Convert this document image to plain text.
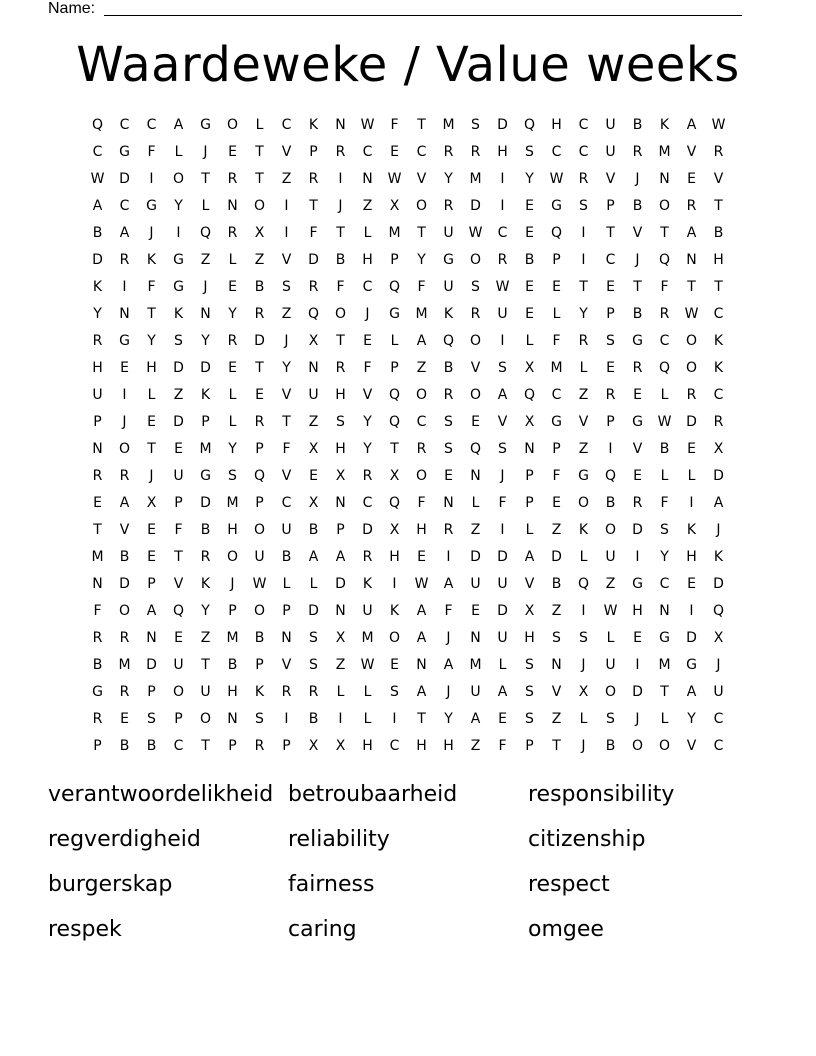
Name:
Waardeweke / Value weeks
Q	C	C	A	G	O	L	C	K	N	W	F	T	M	S	D	Q	H	C	U	B	K	A	W
C	G	F	L	J	E	T	V	P	R	C	E	C	R	R	H	S	C	C	U	R	M	V	R
W	D	I	O	T	R	T	Z	R	I	N	W	V	Y	M	I	Y	W	R	V	J	N	E	V
A	C	G	Y	L	N	O	I	T	J	Z	X	O	R	D	I	E	G	S	P	B	O	R	T
B	A	J	I	Q	R	X	I	F	T	L	M	T	U	W	C	E	Q	I	T	V	T	A	B
D	R	K	G	Z	L	Z	V	D	B	H	P	Y	G	O	R	B	P	I	C	J	Q	N	H
K	I	F	G	J	E	B	S	R	F	C	Q	F	U	S	W	E	E	T	E	T	F	T	T
Y	N	T	K	N	Y	R	Z	Q	O	J	G	M	K	R	U	E	L	Y	P	B	R	W	C
R	G	Y	S	Y	R	D	J	X	T	E	L	A	Q	O	I	L	F	R	S	G	C	O	K
H	E	H	D	D	E	T	Y	N	R	F	P	Z	B	V	S	X	M	L	E	R	Q	O	K
U	I	L	Z	K	L	E	V	U	H	V	Q	O	R	O	A	Q	C	Z	R	E	L	R	C
P	J	E	D	P	L	R	T	Z	S	Y	Q	C	S	E	V	X	G	V	P	G	W	D	R
N	O	T	E	M	Y	P	F	X	H	Y	T	R	S	Q	S	N	P	Z	I	V	B	E	X
R	R	J	U	G	S	Q	V	E	X	R	X	O	E	N	J	P	F	G	Q	E	L	L	D
E	A	X	P	D	M	P	C	X	N	C	Q	F	N	L	F	P	E	O	B	R	F	I	A
T	V	E	F	B	H	O	U	B	P	D	X	H	R	Z	I	L	Z	K	O	D	S	K	J
M	B	E	T	R	O	U	B	A	A	R	H	E	I	D	D	A	D	L	U	I	Y	H	K
N	D	P	V	K	J	W	L	L	D	K	I	W	A	U	U	V	B	Q	Z	G	C	E	D
F	O	A	Q	Y	P	O	P	D	N	U	K	A	F	E	D	X	Z	I	W	H	N	I	Q
R	R	N	E	Z	M	B	N	S	X	M	O	A	J	N	U	H	S	S	L	E	G	D	X
B	M	D	U	T	B	P	V	S	Z	W	E	N	A	M	L	S	N	J	U	I	M	G	J
G	R	P	O	U	H	K	R	R	L	L	S	A	J	U	A	S	V	X	O	D	T	A	U
R	E	S	P	O	N	S	I	B	I	L	I	T	Y	A	E	S	Z	L	S	J	L	Y	C
P	B	B	C	T	P	R	P	X	X	H	C	H	H	Z	F	P	T	J	B	O	O	V	C
verantwoordelikheid betroubaarheid	responsibility
regverdigheid	reliability	citizenship
burgerskap	fairness	respect
respek	caring	omgee
